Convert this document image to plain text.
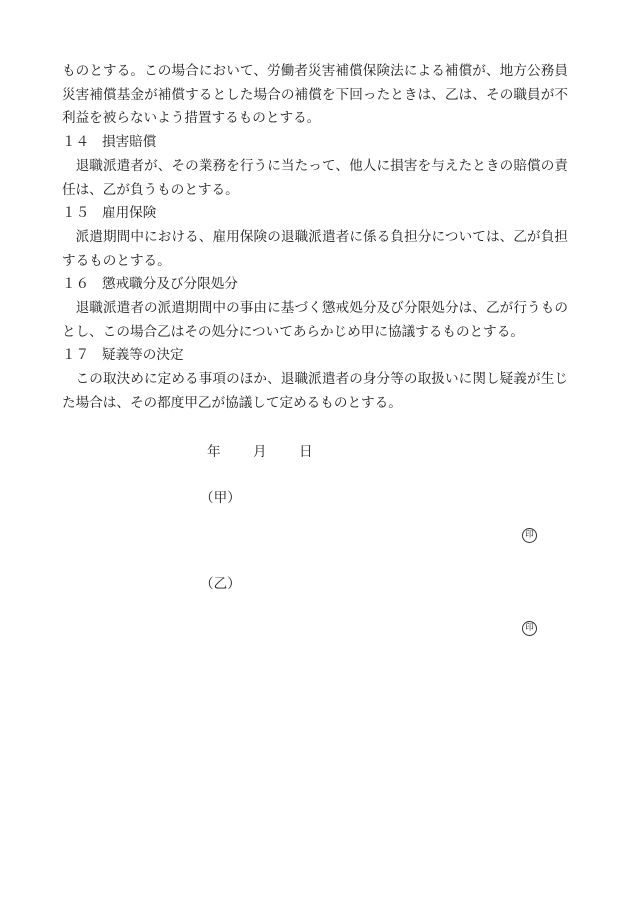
ものとする。この場合において、労働者災害補償保険法による補償が、地方公務員災害補償基金が補償するとした場合の補償を下回ったときは、乙は、その職員が不利益を被らないよう措置するものとする。

１４ 損害賠償

退職派遣者が、その業務を行うに当たって、他人に損害を与えたときの賠償の責任は、乙が負うものとする。

１５ 雇用保険

派遣期間中における、雇用保険の退職派遣者に係る負担分については、乙が負担するものとする。

１６ 懲戒職分及び分限処分

退職派遣者の派遣期間中の事由に基づく懲戒処分及び分限処分は、乙が行うものとし、この場合乙はその処分についてあらかじめ甲に協議するものとする。

１７ 疑義等の決定

この取決めに定める事項のほか、退職派遣者の身分等の取扱いに関し疑義が生じた場合は、その都度甲乙が協議して定めるものとする。

年 月 日
（甲）
印
（乙）
印
